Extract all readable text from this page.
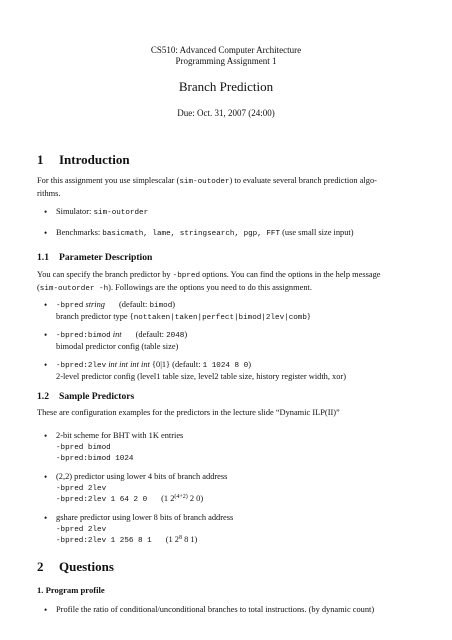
CS510: Advanced Computer Architecture
Programming Assignment 1
Branch Prediction
Due: Oct. 31, 2007 (24:00)
1 Introduction
For this assignment you use simplescalar (sim-outoder) to evaluate several branch prediction algo-
rithms.
• Simulator: sim-outorder
• Benchmarks: basicmath, lame, stringsearch, pgp, FFT (use small size input)
1.1 Parameter Description
You can specify the branch predictor by -bpred options. You can find the options in the help message
(sim-outorder -h). Followings are the options you need to do this assignment.
• -bpred string (default: bimod)
branch predictor type {nottaken|taken|perfect|bimod|2lev|comb}
• -bpred:bimod int (default: 2048)
bimodal predictor config (table size)
• -bpred:2lev int int int int {0|1} (default: 1 1024 8 0)
2-level predictor config (level1 table size, level2 table size, history register width, xor)
1.2 Sample Predictors
These are configuration examples for the predictors in the lecture slide “Dynamic ILP(II)”
• 2-bit scheme for BHT with 1K entries
-bpred bimod
-bpred:bimod 1024
• (2,2) predictor using lower 4 bits of branch address
-bpred 2lev
-bpred:2lev 1 64 2 0 (1 $2^{(4+2)}$ 2 0)
• gshare predictor using lower 8 bits of branch address
-bpred 2lev
-bpred:2lev 1 256 8 1 (1 $2^8$ 8 1)
2 Questions
1. Program profile
• Profile the ratio of conditional/unconditional branches to total instructions. (by dynamic count)
